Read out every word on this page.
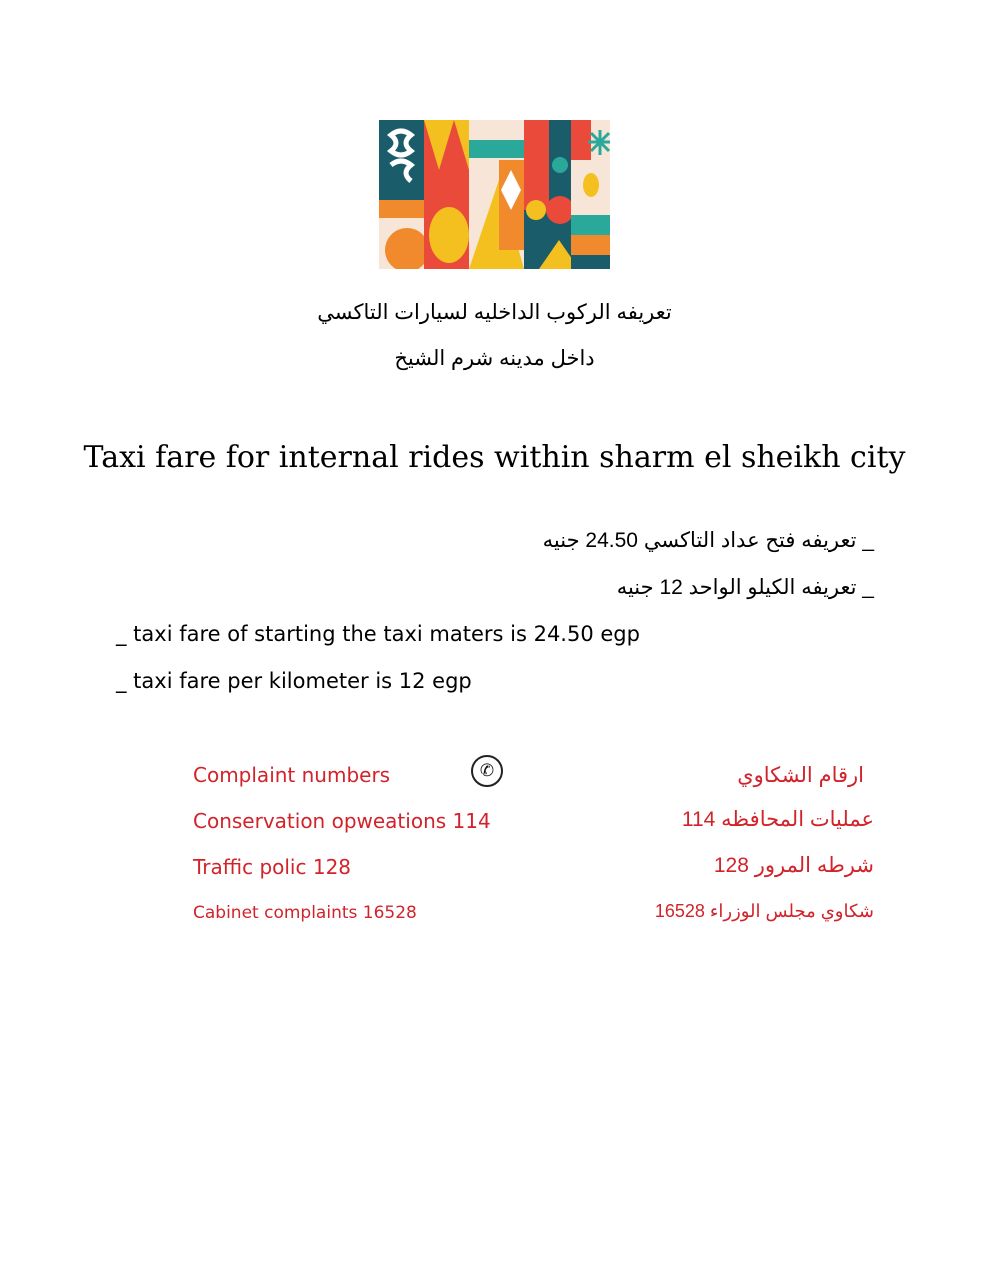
تعريفه الركوب الداخليه لسيارات التاكسي
داخل مدينه شرم الشيخ
Taxi fare for internal rides within sharm el sheikh city
_ تعريفه فتح عداد التاكسي 24.50 جنيه
_ تعريفه الكيلو الواحد 12 جنيه
_ taxi fare of starting the taxi maters is 24.50 egp
_ taxi fare per kilometer is 12 egp
Complaint numbers	✆	ارقام الشكاوي
Conservation opweations 114	عمليات المحافظه 114
Traffic polic 128	شرطه المرور 128
Cabinet complaints 16528	شكاوي مجلس الوزراء 16528
